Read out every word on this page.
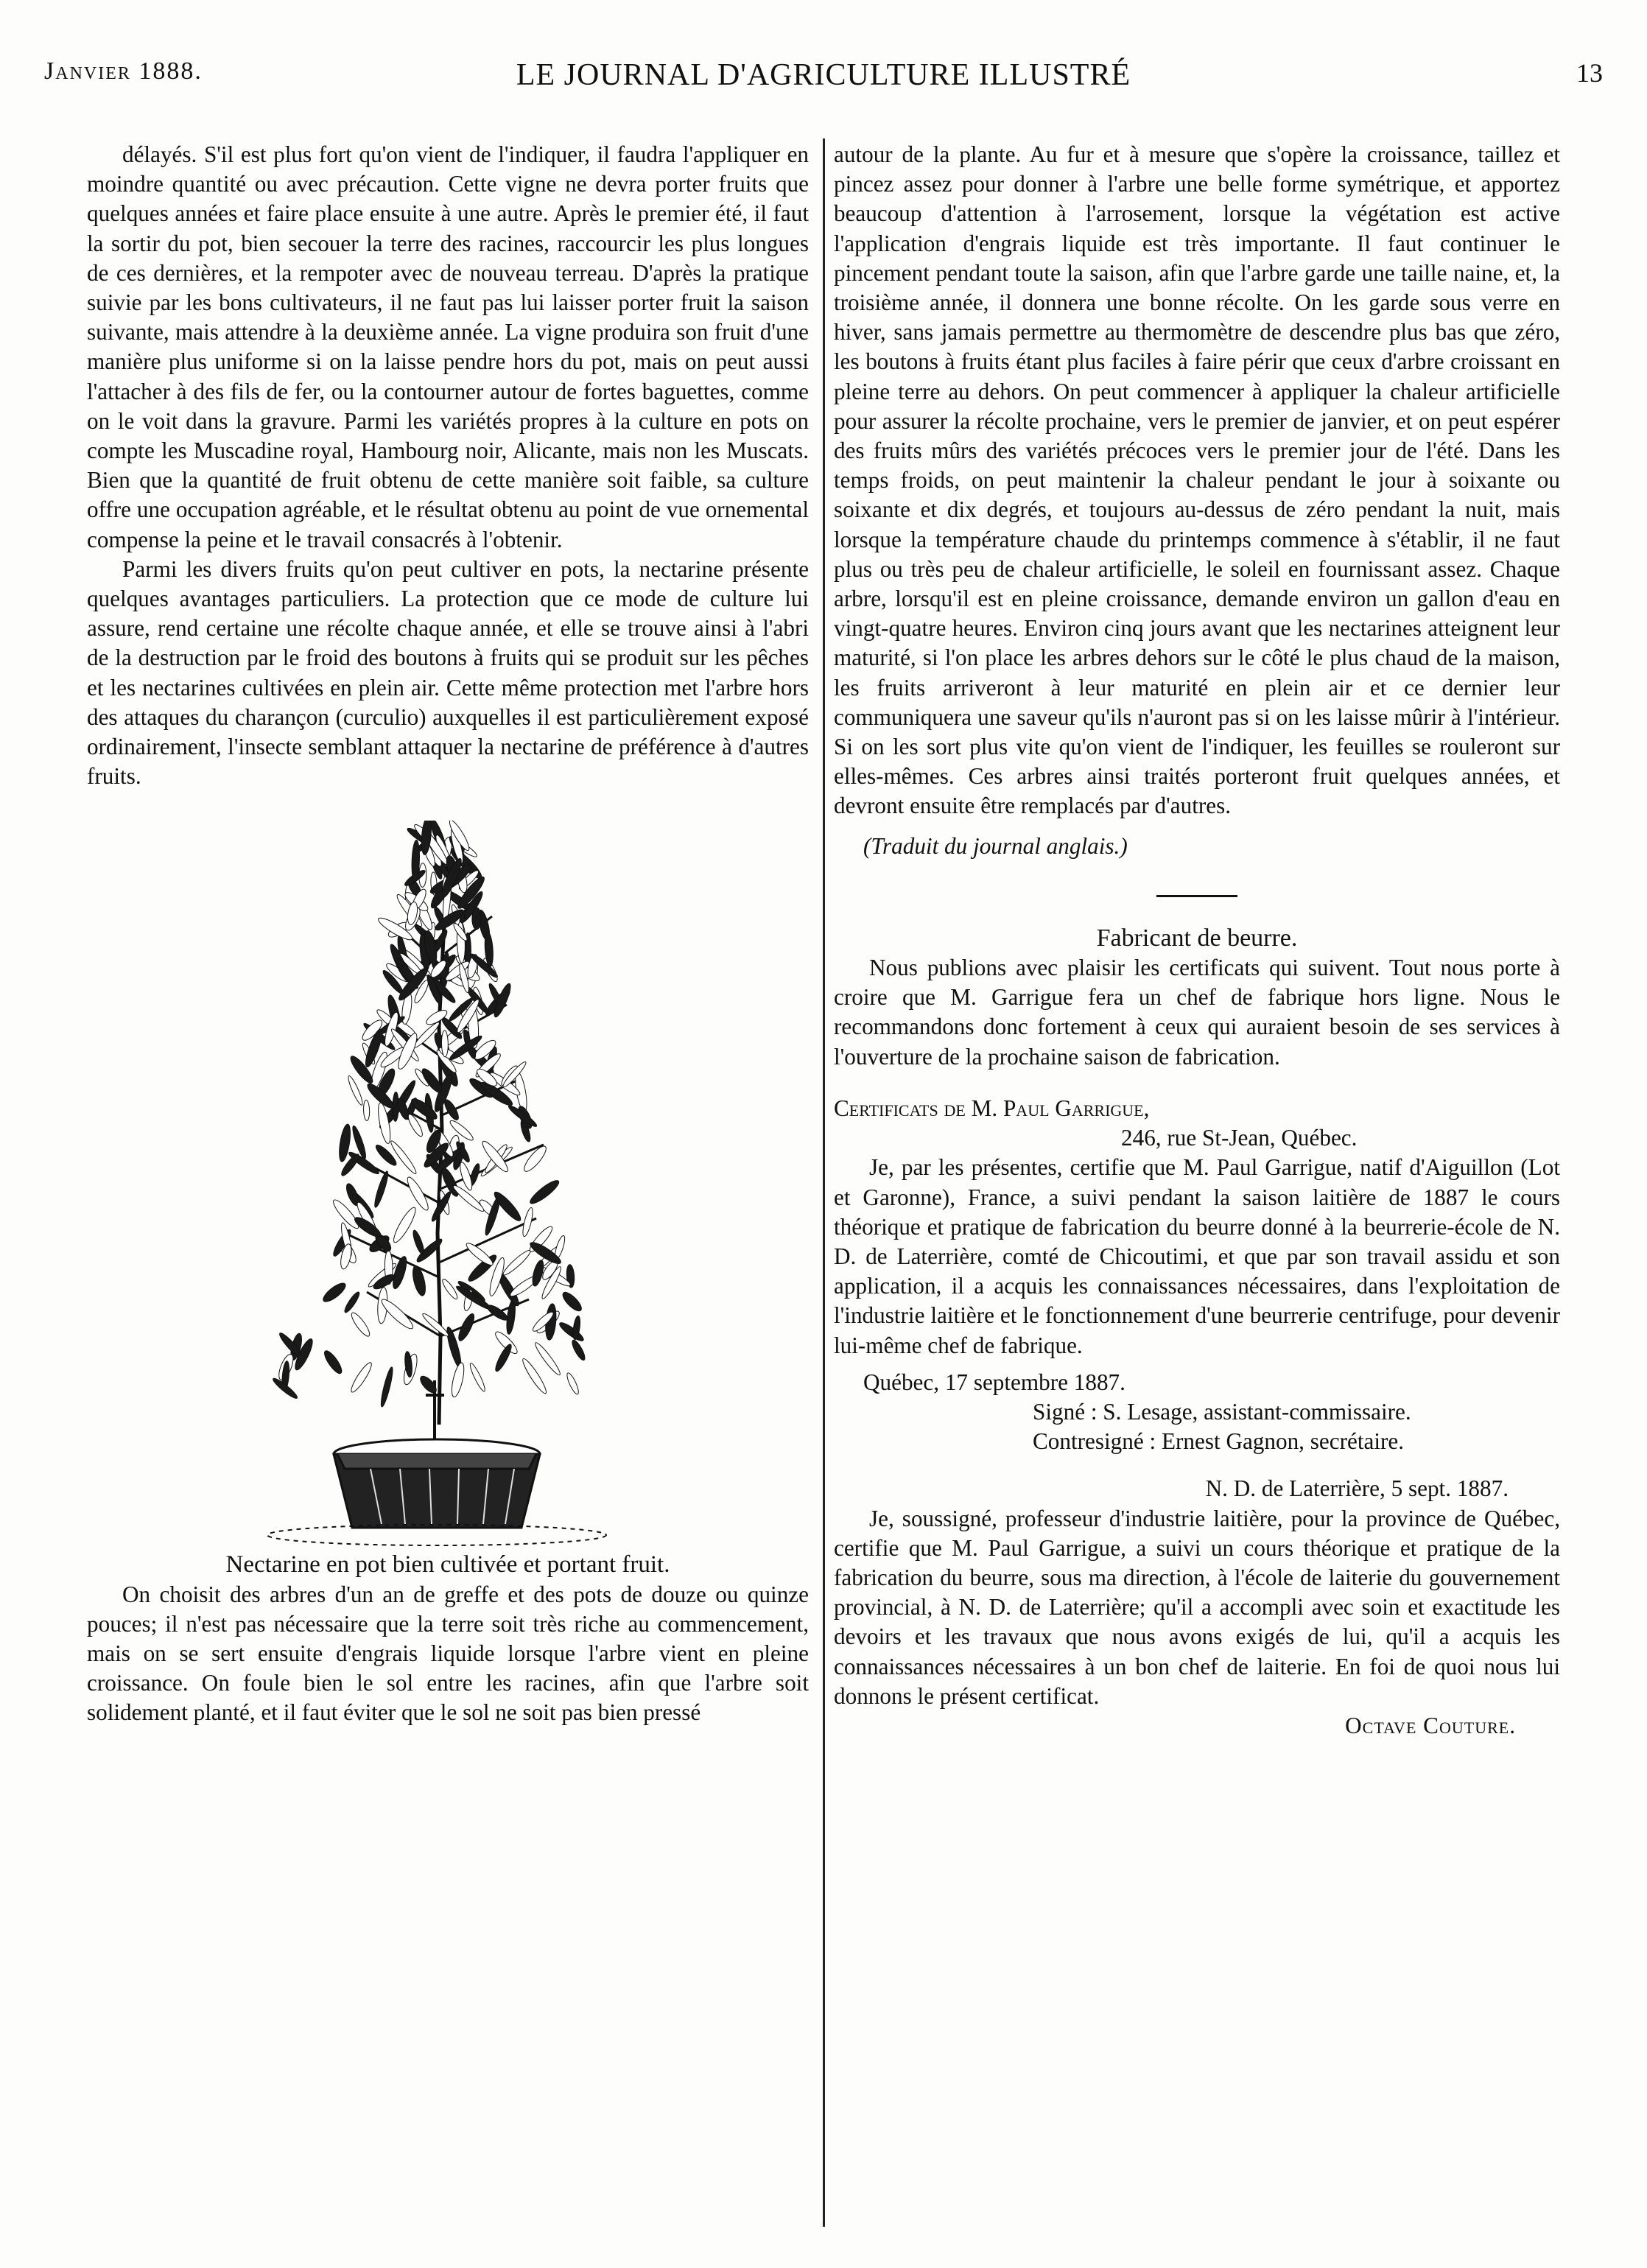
Janvier 1888.	LE JOURNAL D'AGRICULTURE ILLUSTRÉ	13

délayés. S'il est plus fort qu'on vient de l'indiquer, il faudra l'appliquer en moindre quantité ou avec précaution. Cette vigne ne devra porter fruits que quelques années et faire place ensuite à une autre. Après le premier été, il faut la sortir du pot, bien secouer la terre des racines, raccourcir les plus longues de ces dernières, et la rempoter avec de nouveau terreau. D'après la pratique suivie par les bons cultivateurs, il ne faut pas lui laisser porter fruit la saison suivante, mais attendre à la deuxième année. La vigne produira son fruit d'une manière plus uniforme si on la laisse pendre hors du pot, mais on peut aussi l'attacher à des fils de fer, ou la contourner autour de fortes baguettes, comme on le voit dans la gravure. Parmi les variétés propres à la culture en pots on compte les Muscadine royal, Hambourg noir, Alicante, mais non les Muscats. Bien que la quantité de fruit obtenu de cette manière soit faible, sa culture offre une occupation agréable, et le résultat obtenu au point de vue ornemental compense la peine et le travail consacrés à l'obtenir.

Parmi les divers fruits qu'on peut cultiver en pots, la nectarine présente quelques avantages particuliers. La protection que ce mode de culture lui assure, rend certaine une récolte chaque année, et elle se trouve ainsi à l'abri de la destruction par le froid des boutons à fruits qui se produit sur les pêches et les nectarines cultivées en plein air. Cette même protection met l'arbre hors des attaques du charançon (curculio) auxquelles il est particulièrement exposé ordinairement, l'insecte semblant attaquer la nectarine de préférence à d'autres fruits.

Nectarine en pot bien cultivée et portant fruit.

On choisit des arbres d'un an de greffe et des pots de douze ou quinze pouces; il n'est pas nécessaire que la terre soit très riche au commencement, mais on se sert ensuite d'engrais liquide lorsque l'arbre vient en pleine croissance. On foule bien le sol entre les racines, afin que l'arbre soit solidement planté, et il faut éviter que le sol ne soit pas bien pressé

autour de la plante. Au fur et à mesure que s'opère la croissance, taillez et pincez assez pour donner à l'arbre une belle forme symétrique, et apportez beaucoup d'attention à l'arrosement, lorsque la végétation est active l'application d'engrais liquide est très importante. Il faut continuer le pincement pendant toute la saison, afin que l'arbre garde une taille naine, et, la troisième année, il donnera une bonne récolte. On les garde sous verre en hiver, sans jamais permettre au thermomètre de descendre plus bas que zéro, les boutons à fruits étant plus faciles à faire périr que ceux d'arbre croissant en pleine terre au dehors. On peut commencer à appliquer la chaleur artificielle pour assurer la récolte prochaine, vers le premier de janvier, et on peut espérer des fruits mûrs des variétés précoces vers le premier jour de l'été. Dans les temps froids, on peut maintenir la chaleur pendant le jour à soixante ou soixante et dix degrés, et toujours au-dessus de zéro pendant la nuit, mais lorsque la température chaude du printemps commence à s'établir, il ne faut plus ou très peu de chaleur artificielle, le soleil en fournissant assez. Chaque arbre, lorsqu'il est en pleine croissance, demande environ un gallon d'eau en vingt-quatre heures. Environ cinq jours avant que les nectarines atteignent leur maturité, si l'on place les arbres dehors sur le côté le plus chaud de la maison, les fruits arriveront à leur maturité en plein air et ce dernier leur communiquera une saveur qu'ils n'auront pas si on les laisse mûrir à l'intérieur. Si on les sort plus vite qu'on vient de l'indiquer, les feuilles se rouleront sur elles-mêmes. Ces arbres ainsi traités porteront fruit quelques années, et devront ensuite être remplacés par d'autres.

(Traduit du journal anglais.)

Fabricant de beurre.

Nous publions avec plaisir les certificats qui suivent. Tout nous porte à croire que M. Garrigue fera un chef de fabrique hors ligne. Nous le recommandons donc fortement à ceux qui auraient besoin de ses services à l'ouverture de la prochaine saison de fabrication.

Certificats de M. Paul Garrigue,

246, rue St-Jean, Québec.

Je, par les présentes, certifie que M. Paul Garrigue, natif d'Aiguillon (Lot et Garonne), France, a suivi pendant la saison laitière de 1887 le cours théorique et pratique de fabrication du beurre donné à la beurrerie-école de N. D. de Laterrière, comté de Chicoutimi, et que par son travail assidu et son application, il a acquis les connaissances nécessaires, dans l'exploitation de l'industrie laitière et le fonctionnement d'une beurrerie centrifuge, pour devenir lui-même chef de fabrique.

Québec, 17 septembre 1887.

Signé : S. Lesage, assistant-commissaire.

Contresigné : Ernest Gagnon, secrétaire.

N. D. de Laterrière, 5 sept. 1887.

Je, soussigné, professeur d'industrie laitière, pour la province de Québec, certifie que M. Paul Garrigue, a suivi un cours théorique et pratique de la fabrication du beurre, sous ma direction, à l'école de laiterie du gouvernement provincial, à N. D. de Laterrière; qu'il a accompli avec soin et exactitude les devoirs et les travaux que nous avons exigés de lui, qu'il a acquis les connaissances nécessaires à un bon chef de laiterie. En foi de quoi nous lui donnons le présent certificat.

Octave Couture.
